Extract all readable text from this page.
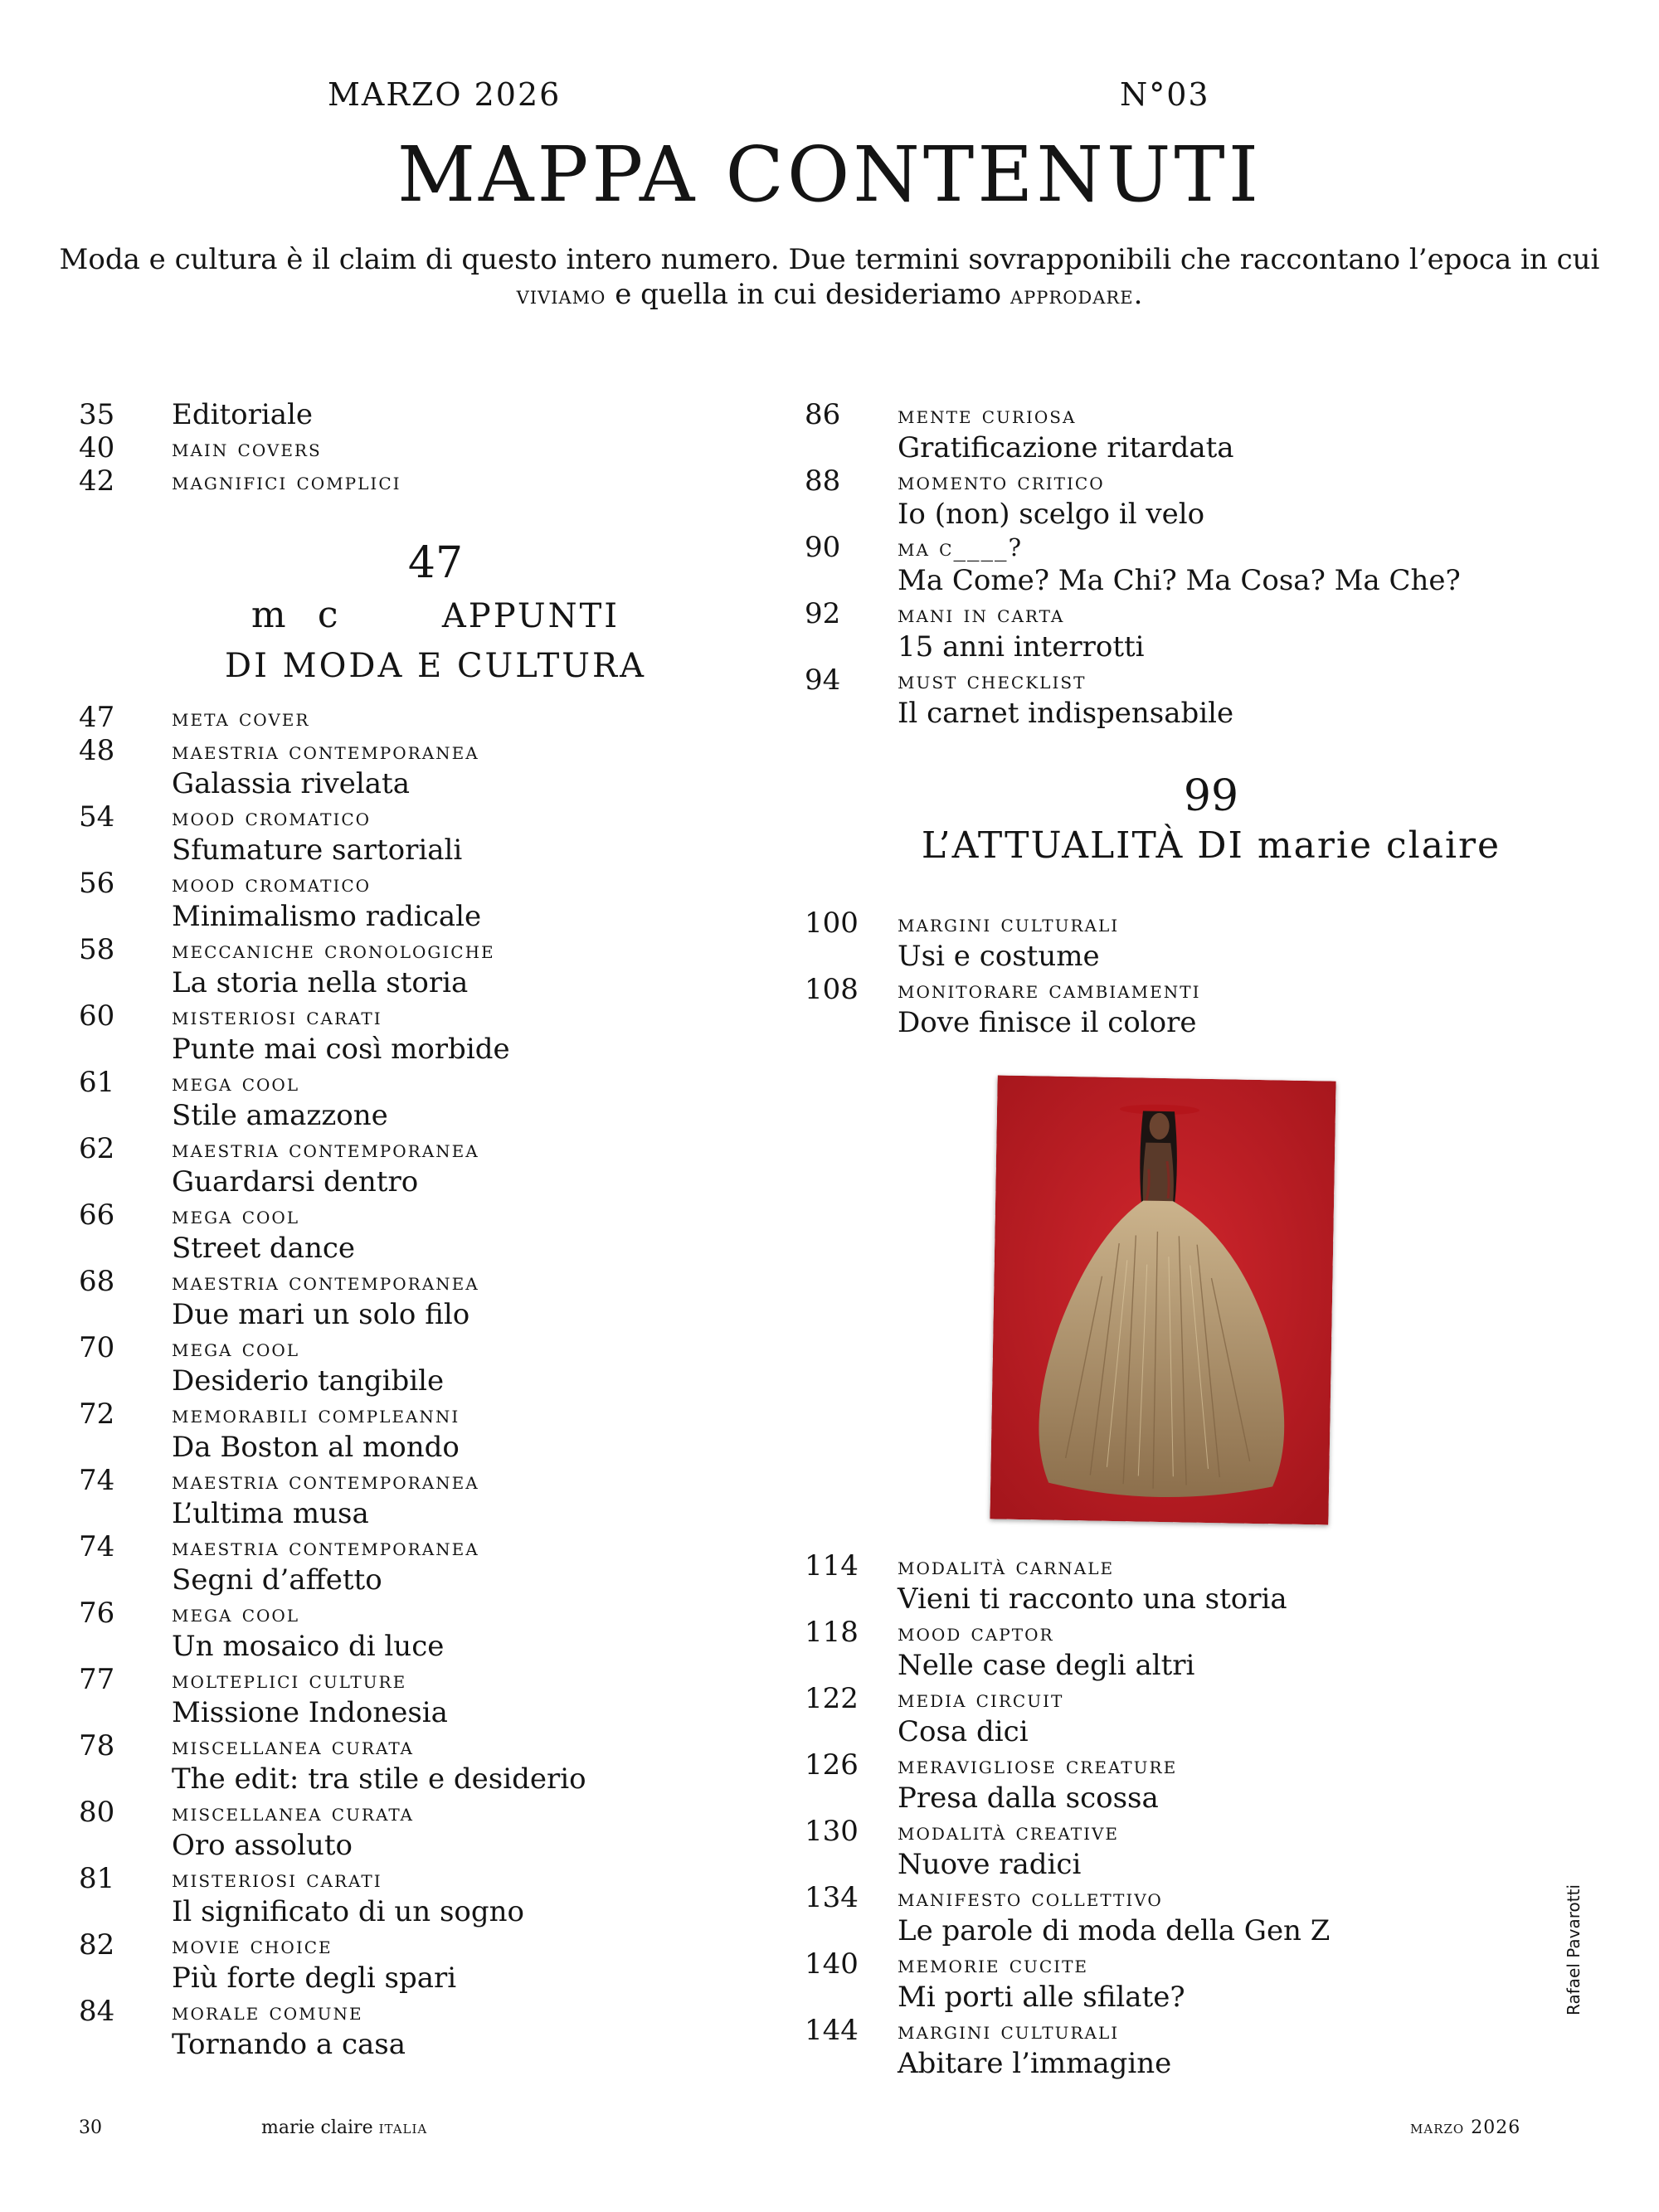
MARZO 2026	N°03
MAPPA CONTENUTI

Moda e cultura è il claim di questo intero numero. Due termini sovrapponibili che raccontano l’epoca in cui viviamo e quella in cui desideriamo approdare.

35 Editoriale
40 main covers
42 magnifici complici
47
m c	APPUNTI
DI MODA E CULTURA
47 meta cover
48 maestria contemporanea
Galassia rivelata
54 mood cromatico
Sfumature sartoriali
56 mood cromatico
Minimalismo radicale
58 meccaniche cronologiche
La storia nella storia
60 misteriosi carati
Punte mai così morbide
61 mega cool
Stile amazzone
62 maestria contemporanea
Guardarsi dentro
66 mega cool
Street dance
68 maestria contemporanea
Due mari un solo filo
70 mega cool
Desiderio tangibile
72 memorabili compleanni
Da Boston al mondo
74 maestria contemporanea
L’ultima musa
74 maestria contemporanea
Segni d’affetto
76 mega cool
Un mosaico di luce
77 molteplici culture
Missione Indonesia
78 miscellanea curata
The edit: tra stile e desiderio
80 miscellanea curata
Oro assoluto
81 misteriosi carati
Il significato di un sogno
82 movie choice
Più forte degli spari
84 morale comune
Tornando a casa
86 mente curiosa
Gratificazione ritardata
88 momento critico
Io (non) scelgo il velo
90 ma c____?
Ma Come? Ma Chi? Ma Cosa? Ma Che?
92 mani in carta
15 anni interrotti
94 must checklist
Il carnet indispensabile
99
L’ATTUALITÀ DI marie claire
100 margini culturali
Usi e costume
108 monitorare cambiamenti
Dove finisce il colore
114 modalità carnale
Vieni ti racconto una storia
118 mood captor
Nelle case degli altri
122 media circuit
Cosa dici
126 meravigliose creature
Presa dalla scossa
130 modalità creative
Nuove radici
134 manifesto collettivo
Le parole di moda della Gen Z
140 memorie cucite
Mi porti alle sfilate?
144 margini culturali
Abitare l’immagine
Rafael Pavarotti
30	marie claire italia	marzo 2026
